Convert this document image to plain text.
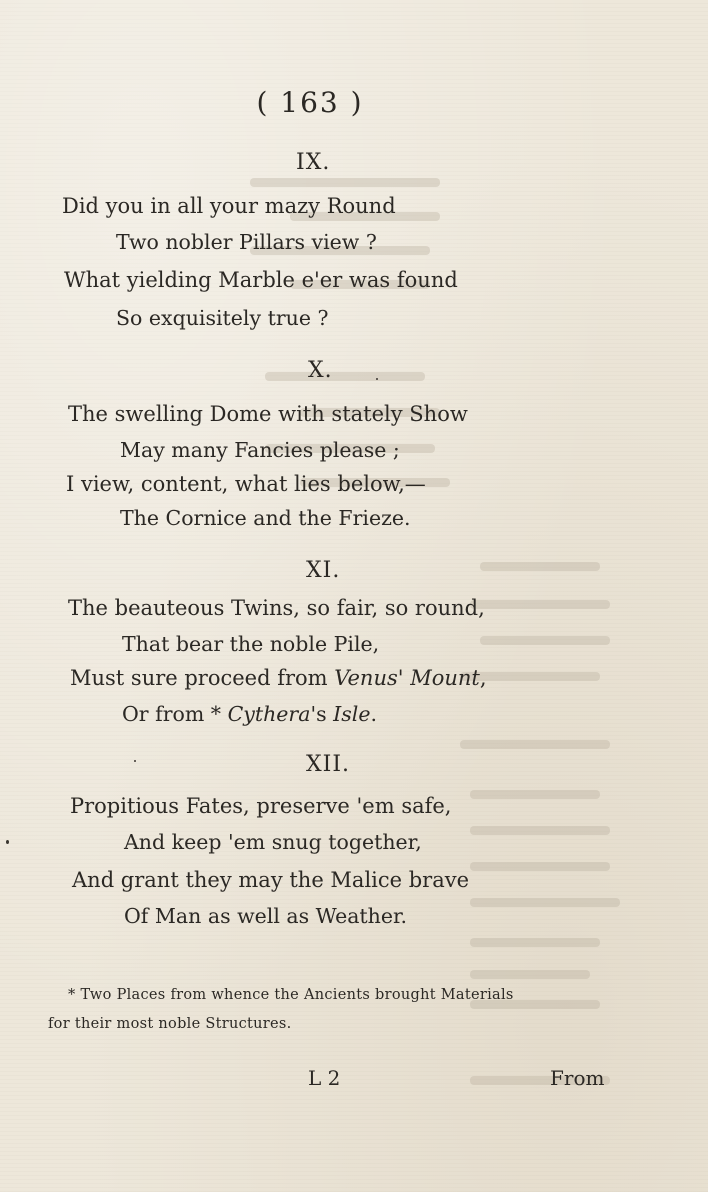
( 163 )
IX.
Did you in all your mazy Round
Two nobler Pillars view ?
What yielding Marble e'er was found
So exquisitely true ?
X.
The swelling Dome with stately Show
May many Fancies please ;
I view, content, what lies below,—
The Cornice and the Frieze.
XI.
The beauteous Twins, so fair, so round,
That bear the noble Pile,
Must sure proceed from Venus' Mount,
Or from * Cythera's Isle.
XII.
Propitious Fates, preserve 'em safe,
And keep 'em snug together,
And grant they may the Malice brave
Of Man as well as Weather.
* Two Places from whence the Ancients brought Materials
for their most noble Structures.
L 2	From
